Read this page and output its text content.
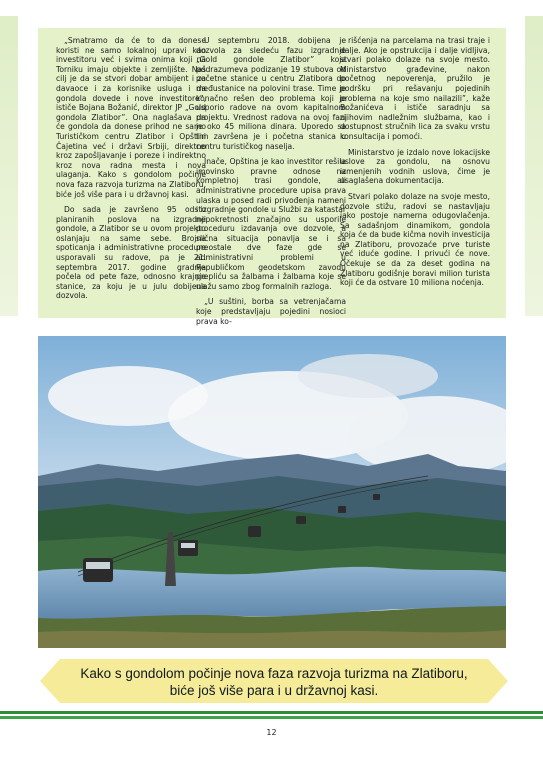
„Smatramo da će to da donese koristi ne samo lokalnoj upravi kao investitoru već i svima onima koji na Torniku imaju objekte i zemljište. Naš cilj je da se stvori dobar ambijent i za davaoce i za korisnike usluga i da gondola dovede i nove investitore”, ističe Bojana Božanić, direktor JP „Gold gondola Zlatibor”. Ona naglašava da će gondola da donese prihod ne samo Turističkom centru Zlatibor i Opštini Čajetina već i državi Srbiji, direktno kroz zapošljavanje i poreze i indirektno kroz nova radna mesta i nova ulaganja. Kako s gondolom počinje nova faza razvoja turizma na Zlatiboru, biće još više para i u državnoj kasi.

Do sada je završeno 95 odsto planiranih poslova na izgradnji gondole, a Zlatibor se u ovom projektu oslanjaju na same sebe. Brojna spoticanja i administrativne procedure usporavali su radove, pa je 21. septembra 2017. godine gradnja počela od pete faze, odnosno krajnje stanice, za koju je u julu dobijena dozvola.

U septembru 2018. dobijena je dozvola za sledeću fazu izgradnje „Gold gondole Zlatibor” koja podrazumeva podizanje 19 stubova od početne stanice u centru Zlatibora do međustanice na polovini trase. Time je konačno rešen deo problema koji je usporio radove na ovom kapitalnom projektu. Vrednost radova na ovoj fazi je oko 45 miliona dinara. Uporedo sa tim završena je i početna stanica u centru turističkog naselja.

Inače, Opština je kao investitor rešila imovinsko pravne odnose na kompletnoj trasi gondole, ali administrativne procedure upisa prava ulaska u posed radi privođenja nameni i izgradnje gondole u Službi za katastar nepokretnosti značajno su usporile proceduru izdavanja ove dozvole, a slična situacija ponavlja se i sa preostale dve faze gde se administrativni problemi u Republičkom geodetskom zavodu prepliću sa žalbama i žalbama koje se ulažu samo zbog formalnih razloga.

„U suštini, borba sa vetrenjačama koje predstavljaju pojedini nosioci prava ko-

rišćenja na parcelama na trasi traje i dalje. Ako je opstrukcija i dalje vidljiva, stvari polako dolaze na svoje mesto. Ministarstvo građevine, nakon početnog nepoverenja, pružilo je podršku pri rešavanju pojedinih problema na koje smo nailazili”, kaže Božanićeva i ističe saradnju sa njihovim nadležnim službama, kao i dostupnost stručnih lica za svaku vrstu konsultacija i pomoći.

Ministarstvo je izdalo nove lokacijske uslove za gondolu, na osnovu izmenjenih vodnih uslova, čime je usaglašena dokumentacija.

Stvari polako dolaze na svoje mesto, dozvole stižu, radovi se nastavljaju iako postoje namerna odugovlačenja. Sa sadašnjom dinamikom, gondola koja će da bude kičma novih investicija na Zlatiboru, provozaće prve turiste već iduće godine. I privući će nove. Očekuje se da za deset godina na Zlatiboru godišnje boravi milion turista koji će da ostvare 10 miliona noćenja.

Kako s gondolom počinje nova faza razvoja turizma na Zlatiboru,
biće još više para i u državnoj kasi.
12
